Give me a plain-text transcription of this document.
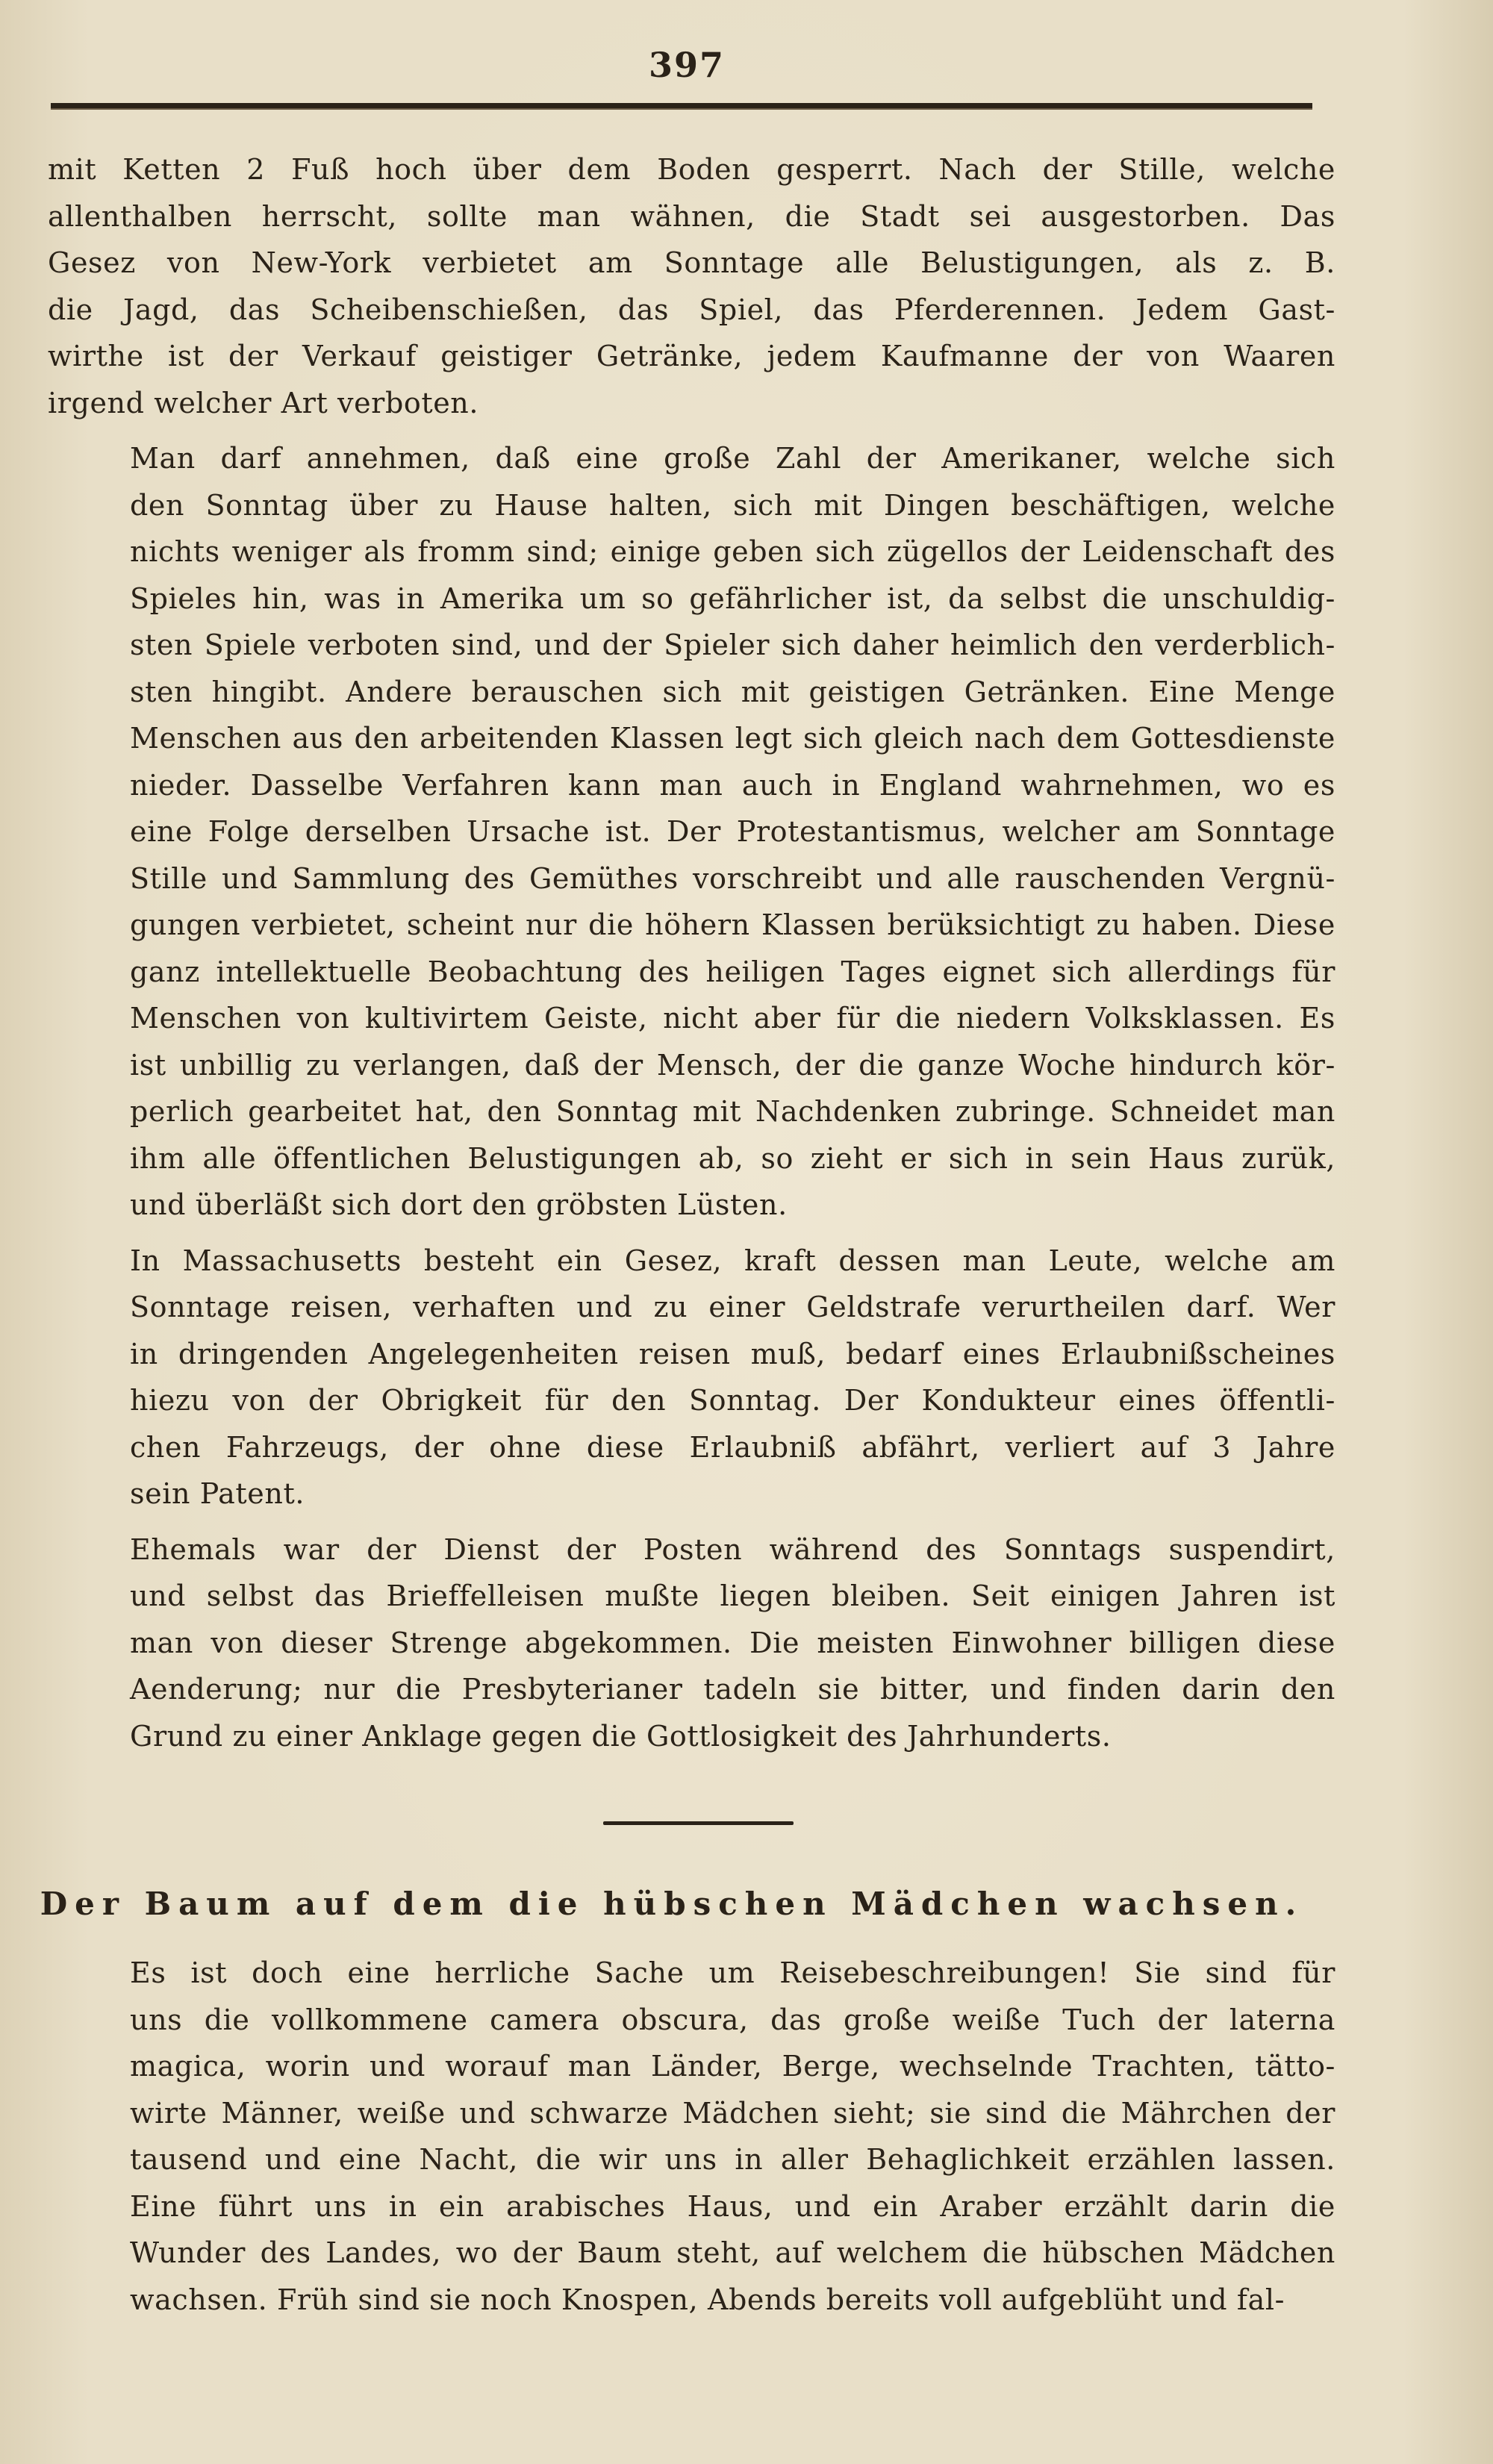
397

mit Ketten 2 Fuß hoch über dem Boden gesperrt. Nach der Stille, welche
allenthalben herrscht, sollte man wähnen, die Stadt sei ausgestorben. Das
Gesez von New-York verbietet am Sonntage alle Belustigungen, als z. B.
die Jagd, das Scheibenschießen, das Spiel, das Pferderennen. Jedem Gast-
wirthe ist der Verkauf geistiger Getränke, jedem Kaufmanne der von Waaren
irgend welcher Art verboten.

Man darf annehmen, daß eine große Zahl der Amerikaner, welche sich
den Sonntag über zu Hause halten, sich mit Dingen beschäftigen, welche
nichts weniger als fromm sind; einige geben sich zügellos der Leidenschaft des
Spieles hin, was in Amerika um so gefährlicher ist, da selbst die unschuldig-
sten Spiele verboten sind, und der Spieler sich daher heimlich den verderblich-
sten hingibt. Andere berauschen sich mit geistigen Getränken. Eine Menge
Menschen aus den arbeitenden Klassen legt sich gleich nach dem Gottesdienste
nieder. Dasselbe Verfahren kann man auch in England wahrnehmen, wo es
eine Folge derselben Ursache ist. Der Protestantismus, welcher am Sonntage
Stille und Sammlung des Gemüthes vorschreibt und alle rauschenden Vergnü-
gungen verbietet, scheint nur die höhern Klassen berüksichtigt zu haben. Diese
ganz intellektuelle Beobachtung des heiligen Tages eignet sich allerdings für
Menschen von kultivirtem Geiste, nicht aber für die niedern Volksklassen. Es
ist unbillig zu verlangen, daß der Mensch, der die ganze Woche hindurch kör-
perlich gearbeitet hat, den Sonntag mit Nachdenken zubringe. Schneidet man
ihm alle öffentlichen Belustigungen ab, so zieht er sich in sein Haus zurük,
und überläßt sich dort den gröbsten Lüsten.

In Massachusetts besteht ein Gesez, kraft dessen man Leute, welche am
Sonntage reisen, verhaften und zu einer Geldstrafe verurtheilen darf. Wer
in dringenden Angelegenheiten reisen muß, bedarf eines Erlaubnißscheines
hiezu von der Obrigkeit für den Sonntag. Der Kondukteur eines öffentli-
chen Fahrzeugs, der ohne diese Erlaubniß abfährt, verliert auf 3 Jahre
sein Patent.

Ehemals war der Dienst der Posten während des Sonntags suspendirt,
und selbst das Brieffelleisen mußte liegen bleiben. Seit einigen Jahren ist
man von dieser Strenge abgekommen. Die meisten Einwohner billigen diese
Aenderung; nur die Presbyterianer tadeln sie bitter, und finden darin den
Grund zu einer Anklage gegen die Gottlosigkeit des Jahrhunderts.

Der Baum auf dem die hübschen Mädchen wachsen.

Es ist doch eine herrliche Sache um Reisebeschreibungen! Sie sind für
uns die vollkommene camera obscura, das große weiße Tuch der laterna
magica, worin und worauf man Länder, Berge, wechselnde Trachten, tätto-
wirte Männer, weiße und schwarze Mädchen sieht; sie sind die Mährchen der
tausend und eine Nacht, die wir uns in aller Behaglichkeit erzählen lassen.
Eine führt uns in ein arabisches Haus, und ein Araber erzählt darin die
Wunder des Landes, wo der Baum steht, auf welchem die hübschen Mädchen
wachsen. Früh sind sie noch Knospen, Abends bereits voll aufgeblüht und fal-
